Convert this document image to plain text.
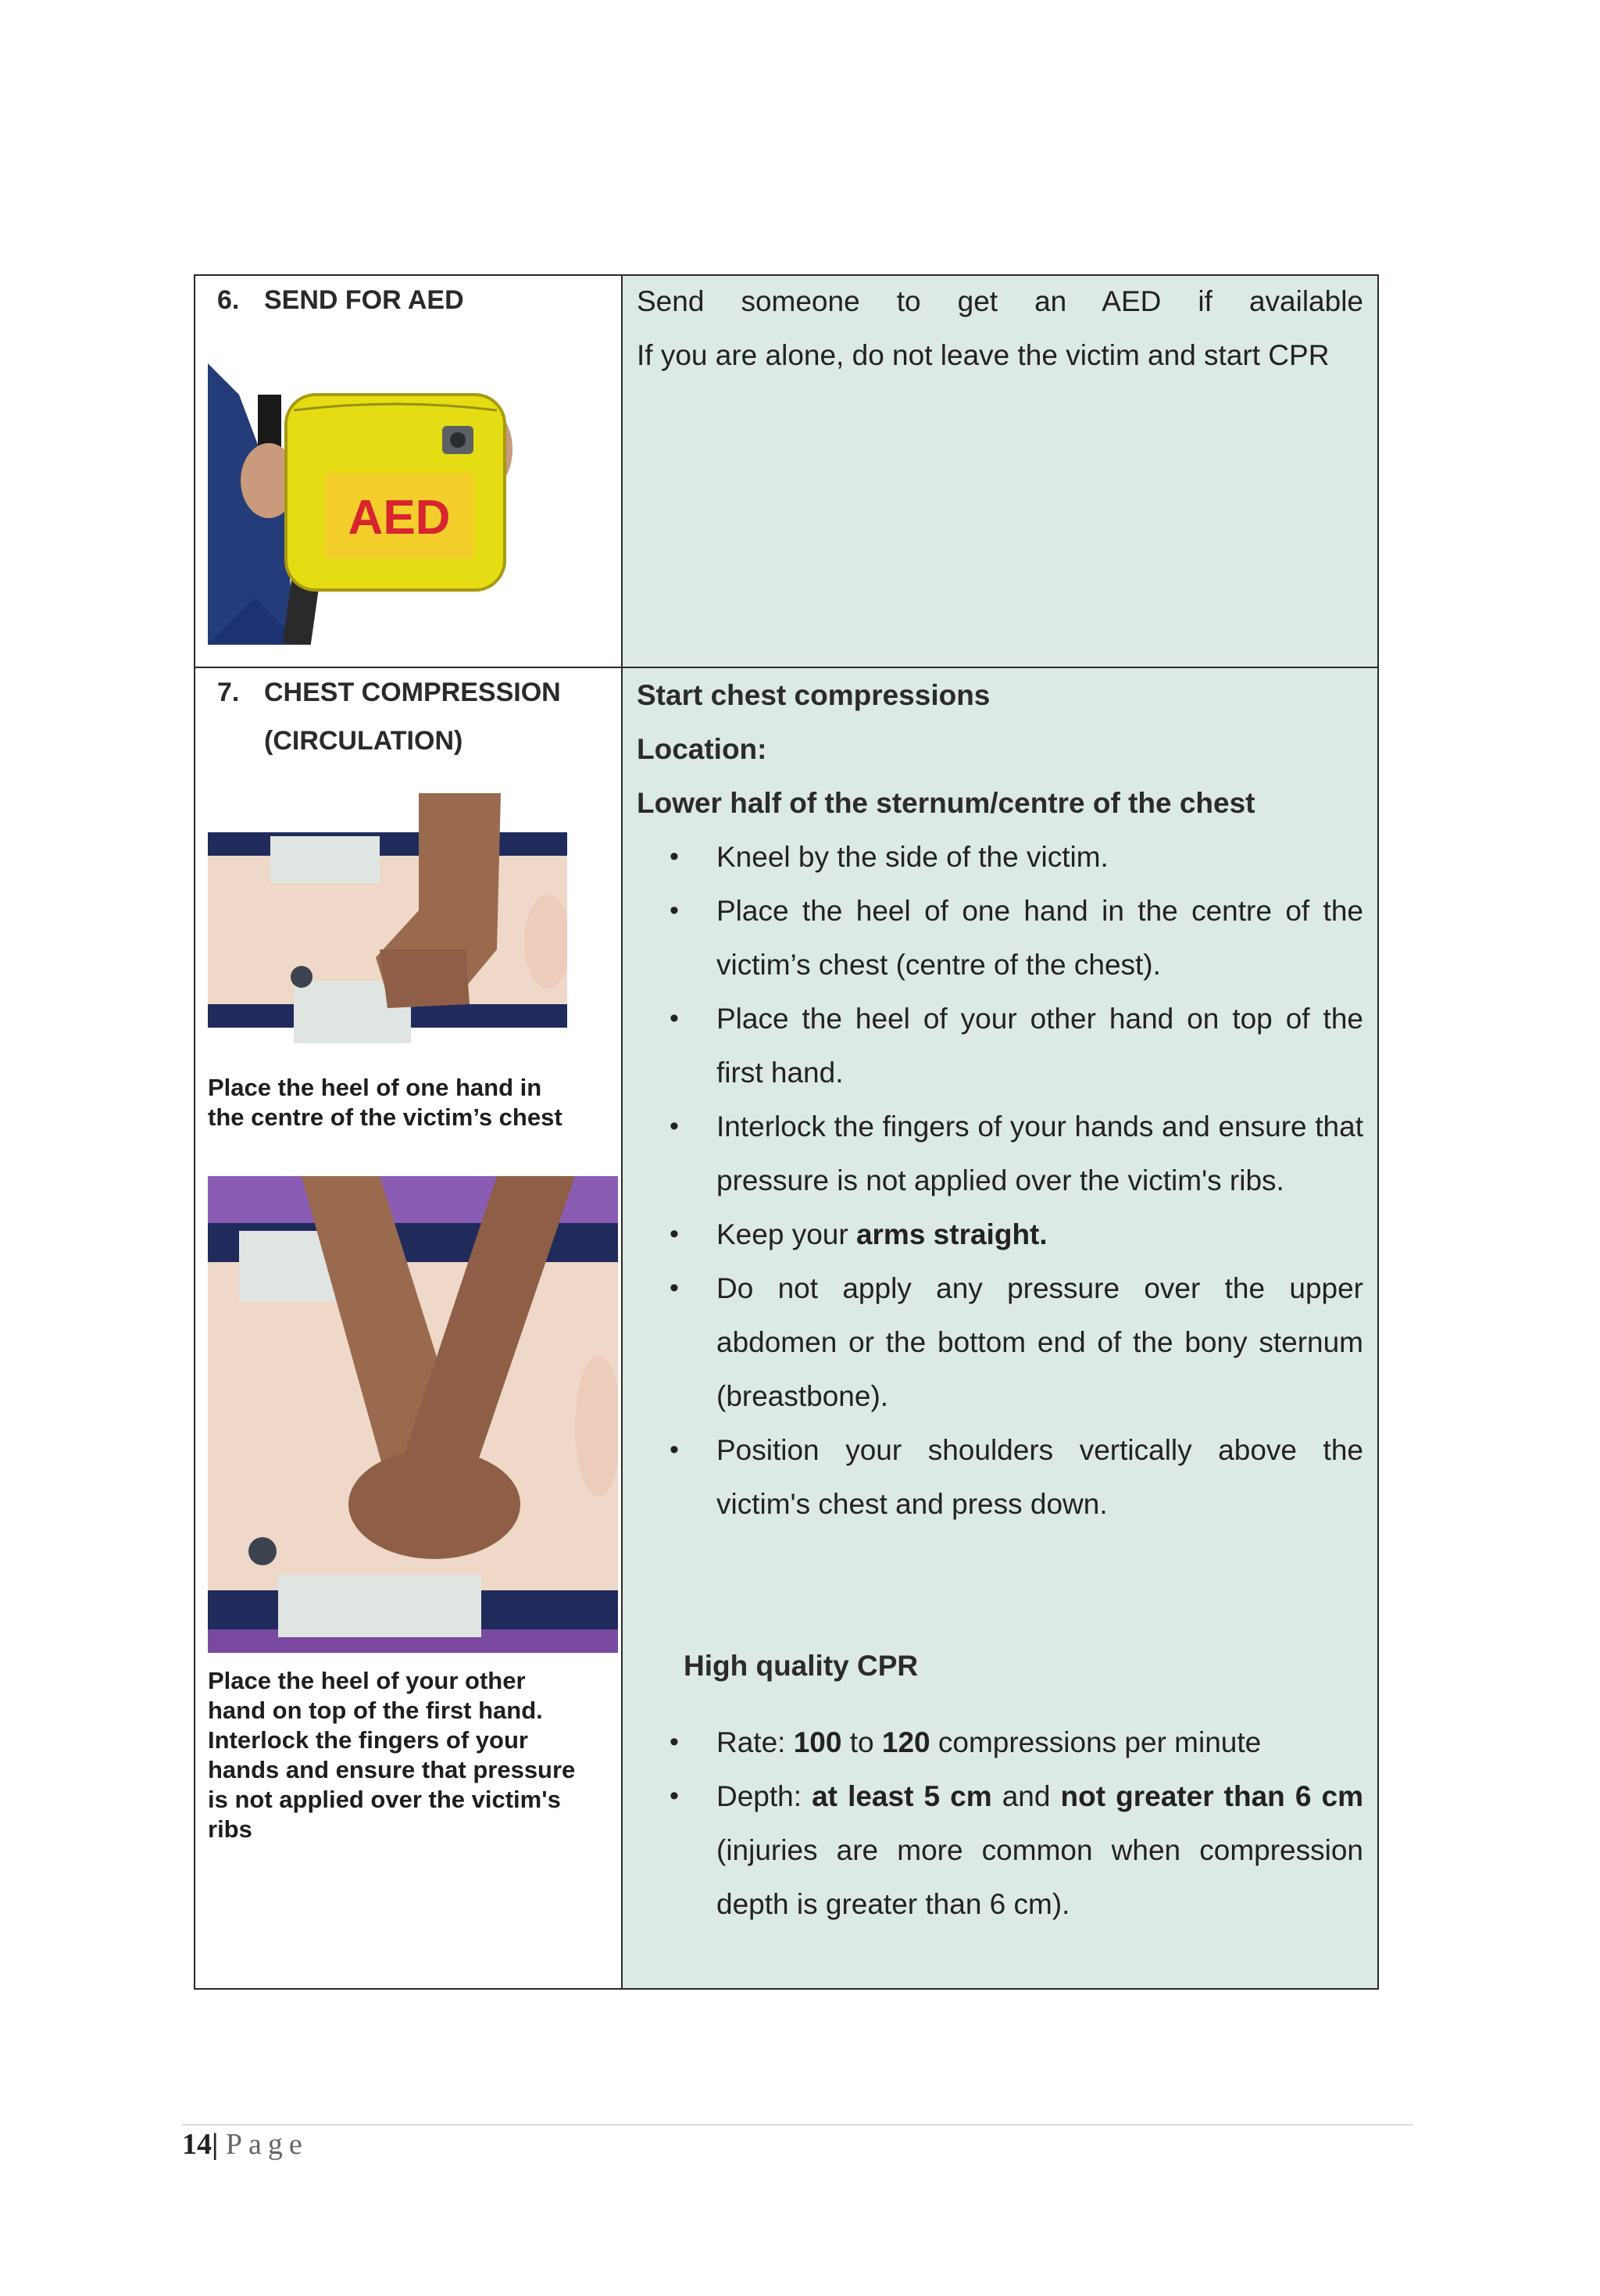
6. SEND FOR AED
AED
Send someone to get an AED if available
If you are alone, do not leave the victim and start CPR
7. CHEST COMPRESSION
(CIRCULATION)
Place the heel of one hand in
the centre of the victim’s chest
Place the heel of your other
hand on top of the first hand.
Interlock the fingers of your
hands and ensure that pressure
is not applied over the victim's
ribs
Start chest compressions
Location:
Lower half of the sternum/centre of the chest
• Kneel by the side of the victim.
• Place the heel of one hand in the centre of the victim’s chest (centre of the chest).
• Place the heel of your other hand on top of the first hand.
• Interlock the fingers of your hands and ensure that pressure is not applied over the victim's ribs.
• Keep your arms straight.
• Do not apply any pressure over the upper abdomen or the bottom end of the bony sternum (breastbone).
• Position your shoulders vertically above the victim's chest and press down.
High quality CPR
• Rate: 100 to 120 compressions per minute
• Depth: at least 5 cm and not greater than 6 cm (injuries are more common when compression depth is greater than 6 cm).
14| Page
